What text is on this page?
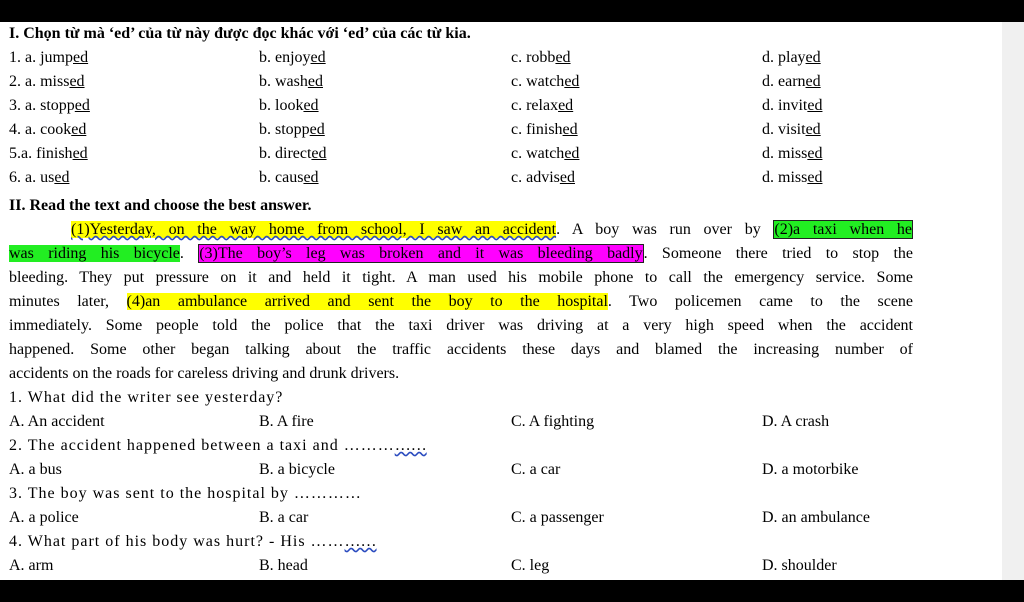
I. Chọn từ mà ‘ed’ của từ này được đọc khác với ‘ed’ của các từ kia.
1. a. jumped	b. enjoyed	c. robbed	d. played
2. a. missed	b. washed	c. watched	d. earned
3. a. stopped	b. looked	c. relaxed	d. invited
4. a. cooked	b. stopped	c. finished	d. visited
5.a. finished	b. directed	c. watched	d. missed
6. a. used	b. caused	c. advised	d. missed
II. Read the text and choose the best answer.
(1)Yesterday, on the way home from school, I saw an accident. A boy was run over by (2)a taxi when he
was riding his bicycle. (3)The boy’s leg was broken and it was bleeding badly. Someone there tried to stop the
bleeding. They put pressure on it and held it tight. A man used his mobile phone to call the emergency service. Some
minutes later, (4)an ambulance arrived and sent the boy to the hospital. Two policemen came to the scene
immediately. Some people told the police that the taxi driver was driving at a very high speed when the accident
happened. Some other began talking about the traffic accidents these days and blamed the increasing number of
accidents on the roads for careless driving and drunk drivers.
1. What did the writer see yesterday?
A. An accident	B. A fire	C. A fighting	D. A crash
2. The accident happened between a taxi and ……………
A. a bus	B. a bicycle	C. a car	D. a motorbike
3. The boy was sent to the hospital by …………
A. a police	B. a car	C. a passenger	D. an ambulance
4. What part of his body was hurt? - His …………
A. arm	B. head	C. leg	D. shoulder
